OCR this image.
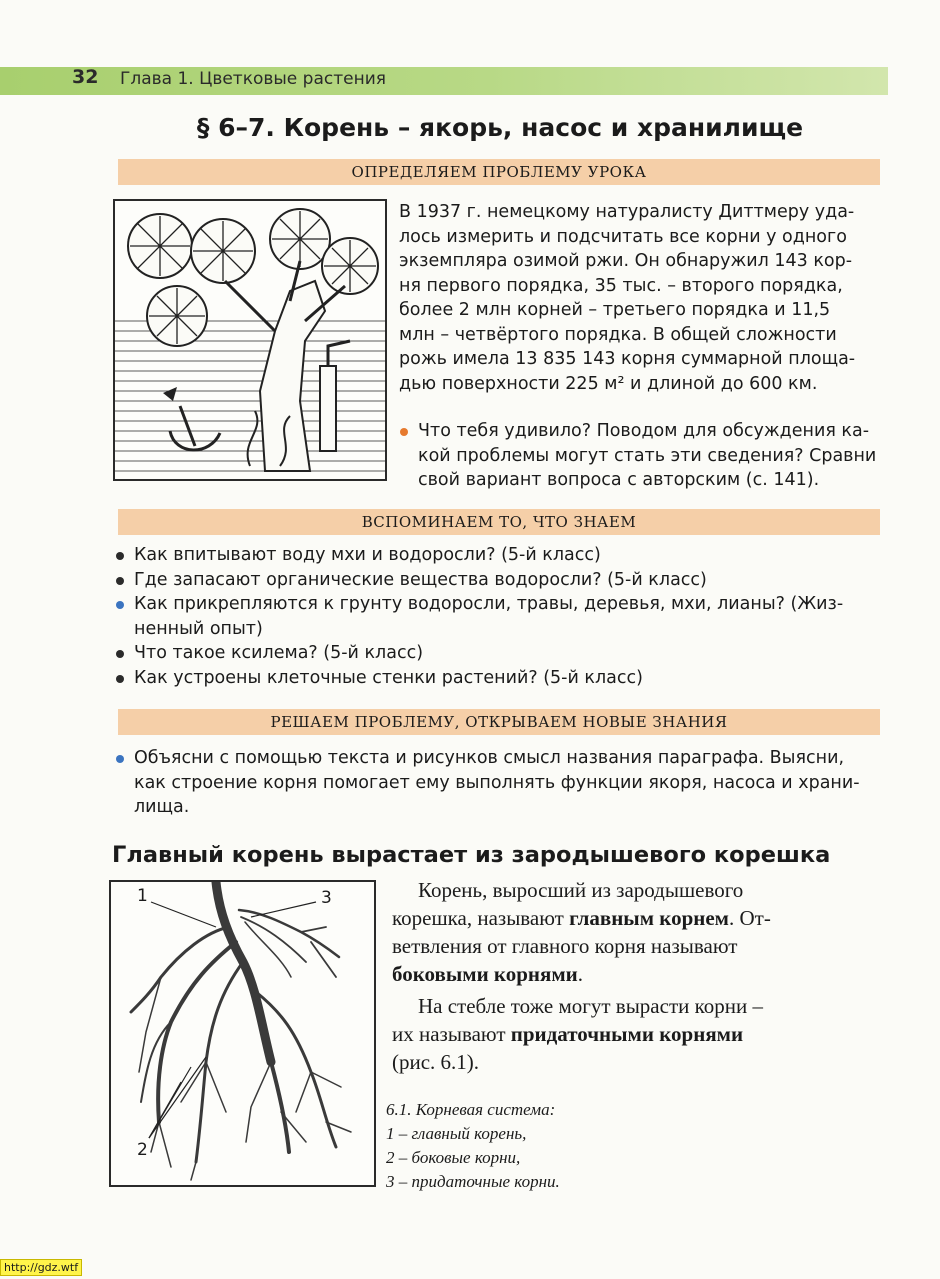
32 Глава 1. Цветковые растения
§ 6–7. Корень – якорь, насос и хранилище
ОПРЕДЕЛЯЕМ ПРОБЛЕМУ УРОКА
В 1937 г. немецкому натуралисту Диттмеру уда-
лось измерить и подсчитать все корни у одного
экземпляра озимой ржи. Он обнаружил 143 кор-
ня первого порядка, 35 тыс. – второго порядка,
более 2 млн корней – третьего порядка и 11,5
млн – четвёртого порядка. В общей сложности
рожь имела 13 835 143 корня суммарной площа-
дью поверхности 225 м² и длиной до 600 км.
Что тебя удивило? Поводом для обсуждения ка-
кой проблемы могут стать эти сведения? Сравни
свой вариант вопроса с авторским (с. 141).
ВСПОМИНАЕМ ТО, ЧТО ЗНАЕМ
Как впитывают воду мхи и водоросли? (5-й класс)
Где запасают органические вещества водоросли? (5-й класс)
Как прикрепляются к грунту водоросли, травы, деревья, мхи, лианы? (Жиз-
ненный опыт)
Что такое ксилема? (5-й класс)
Как устроены клеточные стенки растений? (5-й класс)
РЕШАЕМ ПРОБЛЕМУ, ОТКРЫВАЕМ НОВЫЕ ЗНАНИЯ
Объясни с помощью текста и рисунков смысл названия параграфа. Выясни,
как строение корня помогает ему выполнять функции якоря, насоса и храни-
лища.
Главный корень вырастает из зародышевого корешка
1	3
2
Корень, выросший из зародышевого
корешка, называют главным корнем. От-
ветвления от главного корня называют
боковыми корнями.
На стебле тоже могут вырасти корни –
их называют придаточными корнями
(рис. 6.1).
6.1. Корневая система:
1 – главный корень,
2 – боковые корни,
3 – придаточные корни.
http://gdz.wtf
